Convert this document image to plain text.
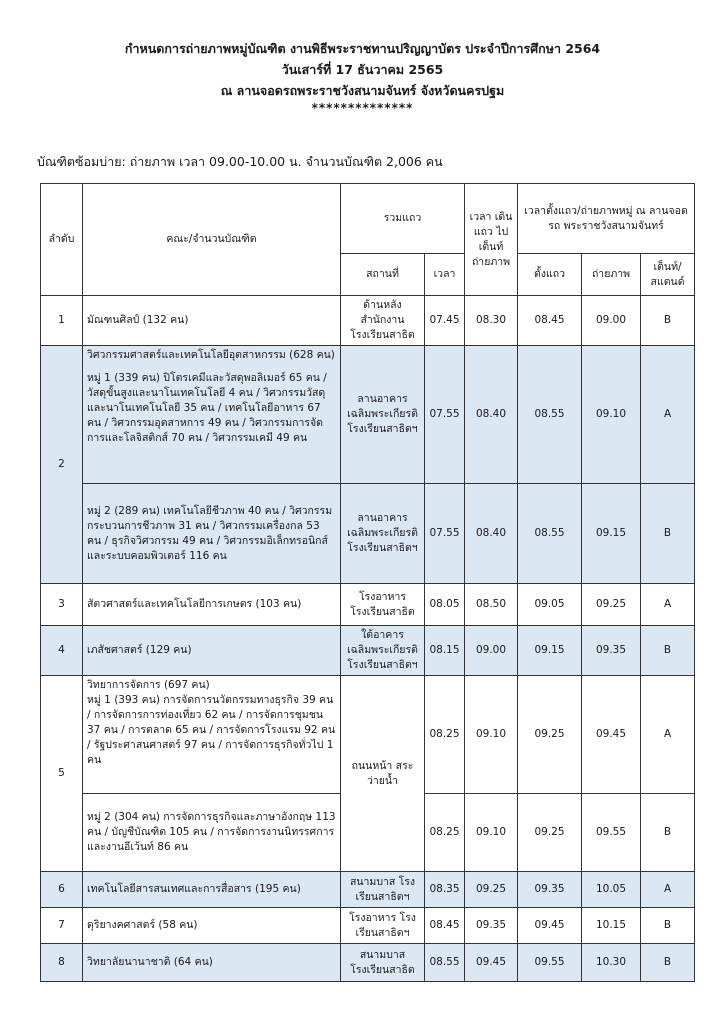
กำหนดการถ่ายภาพหมู่บัณฑิต งานพิธีพระราชทานปริญญาบัตร ประจำปีการศึกษา 2564
วันเสาร์ที่ 17 ธันวาคม 2565
ณ ลานจอดรถพระราชวังสนามจันทร์ จังหวัดนครปฐม
**************
บัณฑิตซ้อมบ่าย: ถ่ายภาพ เวลา 09.00-10.00 น. จำนวนบัณฑิต 2,006 คน
ลำดับ	คณะ/จำนวนบัณฑิต	รวมแถว		เวลา เดินแถว ไปเต็นท์ ถ่ายภาพ	เวลาตั้งแถว/ถ่ายภาพหมู่ ณ ลานจอดรถ พระราชวังสนามจันทร์		
		สถานที่	เวลา		ตั้งแถว	ถ่ายภาพ	เต็นท์/ สแตนด์
1	มัณฑนศิลป์ (132 คน)	ด้านหลังสำนักงาน โรงเรียนสาธิต	07.45	08.30	08.45	09.00	B
2	วิศวกรรมศาสตร์และเทคโนโลยีอุตสาหกรรม (628 คน)
หมู่ 1 (339 คน) ปิโตรเคมีและวัสดุพอลิเมอร์ 65 คน / วัสดุขั้นสูงและนาโนเทคโนโลยี 4 คน / วิศวกรรมวัสดุและนาโนเทคโนโลยี 35 คน / เทคโนโลยีอาหาร 67 คน / วิศวกรรมอุตสาหการ 49 คน / วิศวกรรมการจัดการและโลจิสติกส์ 70 คน / วิศวกรรมเคมี 49 คน	ลานอาคาร เฉลิมพระเกียรติ โรงเรียนสาธิตฯ	07.55	08.40	08.55	09.10	A
	หมู่ 2 (289 คน) เทคโนโลยีชีวภาพ 40 คน / วิศวกรรมกระบวนการชีวภาพ 31 คน / วิศวกรรมเครื่องกล 53 คน / ธุรกิจวิศวกรรม 49 คน / วิศวกรรมอิเล็กทรอนิกส์และระบบคอมพิวเตอร์ 116 คน	ลานอาคาร เฉลิมพระเกียรติ โรงเรียนสาธิตฯ	07.55	08.40	08.55	09.15	B
3	สัตวศาสตร์และเทคโนโลยีการเกษตร (103 คน)	โรงอาหาร โรงเรียนสาธิต	08.05	08.50	09.05	09.25	A
4	เภสัชศาสตร์ (129 คน)	ใต้อาคาร เฉลิมพระเกียรติ โรงเรียนสาธิตฯ	08.15	09.00	09.15	09.35	B
5	วิทยาการจัดการ (697 คน)
หมู่ 1 (393 คน) การจัดการนวัตกรรมทางธุรกิจ 39 คน / การจัดการการท่องเที่ยว 62 คน / การจัดการชุมชน 37 คน / การตลาด 65 คน / การจัดการโรงแรม 92 คน / รัฐประศาสนศาสตร์ 97 คน / การจัดการธุรกิจทั่วไป 1 คน	ถนนหน้า สระว่ายน้ำ	08.25	09.10	09.25	09.45	A
	หมู่ 2 (304 คน) การจัดการธุรกิจและภาษาอังกฤษ 113 คน / บัญชีบัณฑิต 105 คน / การจัดการงานนิทรรศการและงานอีเว้นท์ 86 คน		08.25	09.10	09.25	09.55	B
6	เทคโนโลยีสารสนเทศและการสื่อสาร (195 คน)	สนามบาส โรงเรียนสาธิตฯ	08.35	09.25	09.35	10.05	A
7	ดุริยางคศาสตร์ (58 คน)	โรงอาหาร โรงเรียนสาธิตฯ	08.45	09.35	09.45	10.15	B
8	วิทยาลัยนานาชาติ (64 คน)	สนามบาส โรงเรียนสาธิต	08.55	09.45	09.55	10.30	B
